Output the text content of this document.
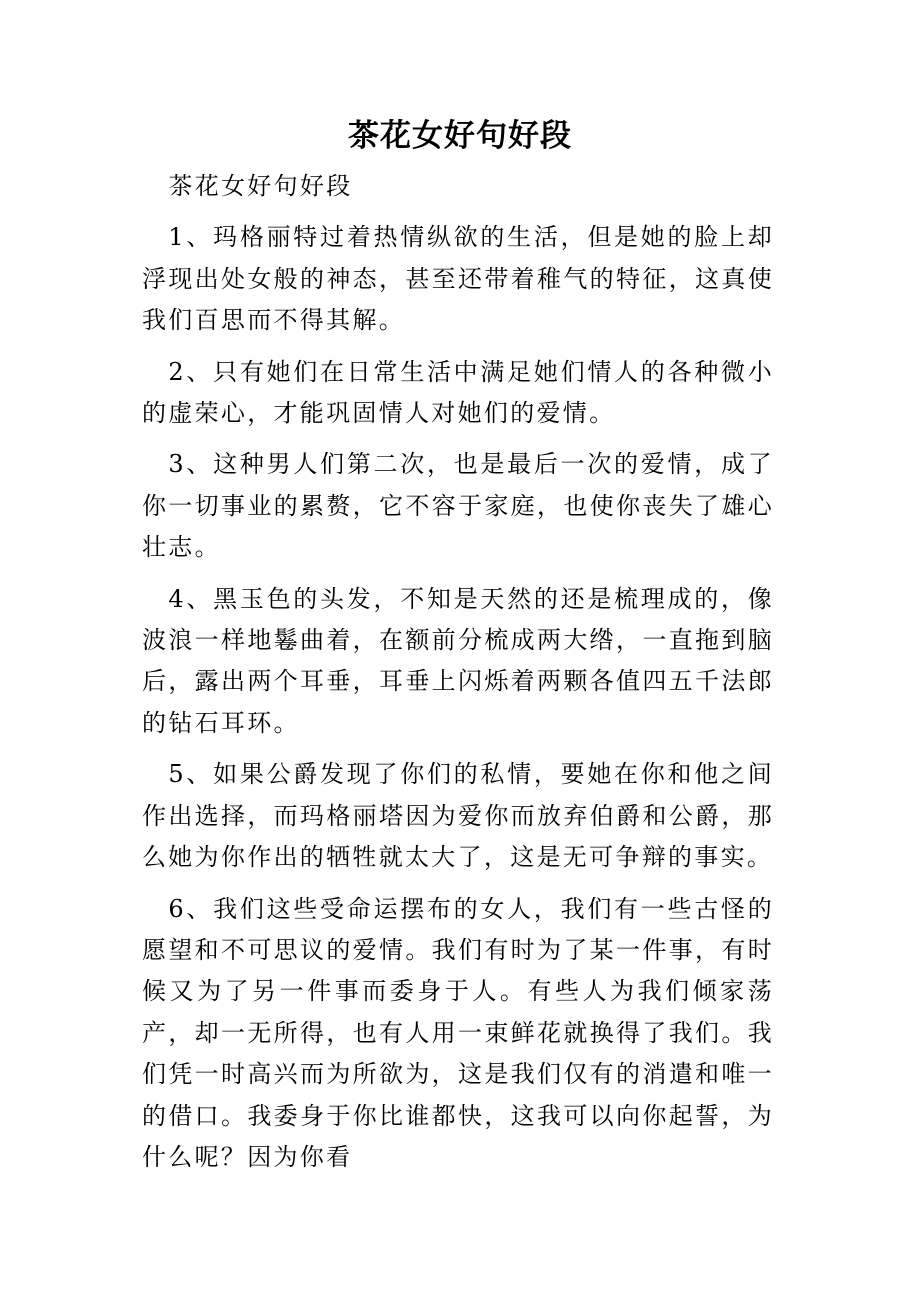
茶花女好句好段

茶花女好句好段

1、玛格丽特过着热情纵欲的生活，但是她的脸上却浮现出处女般的神态，甚至还带着稚气的特征，这真使我们百思而不得其解。

2、只有她们在日常生活中满足她们情人的各种微小的虚荣心，才能巩固情人对她们的爱情。

3、这种男人们第二次，也是最后一次的爱情，成了你一切事业的累赘，它不容于家庭，也使你丧失了雄心壮志。

4、黑玉色的头发，不知是天然的还是梳理成的，像波浪一样地鬈曲着，在额前分梳成两大绺，一直拖到脑后，露出两个耳垂，耳垂上闪烁着两颗各值四五千法郎的钻石耳环。

5、如果公爵发现了你们的私情，要她在你和他之间作出选择，而玛格丽塔因为爱你而放弃伯爵和公爵，那么她为你作出的牺牲就太大了，这是无可争辩的事实。

6、我们这些受命运摆布的女人，我们有一些古怪的愿望和不可思议的爱情。我们有时为了某一件事，有时候又为了另一件事而委身于人。有些人为我们倾家荡产，却一无所得，也有人用一束鲜花就换得了我们。我们凭一时高兴而为所欲为，这是我们仅有的消遣和唯一的借口。我委身于你比谁都快，这我可以向你起誓，为什么呢？因为你看
